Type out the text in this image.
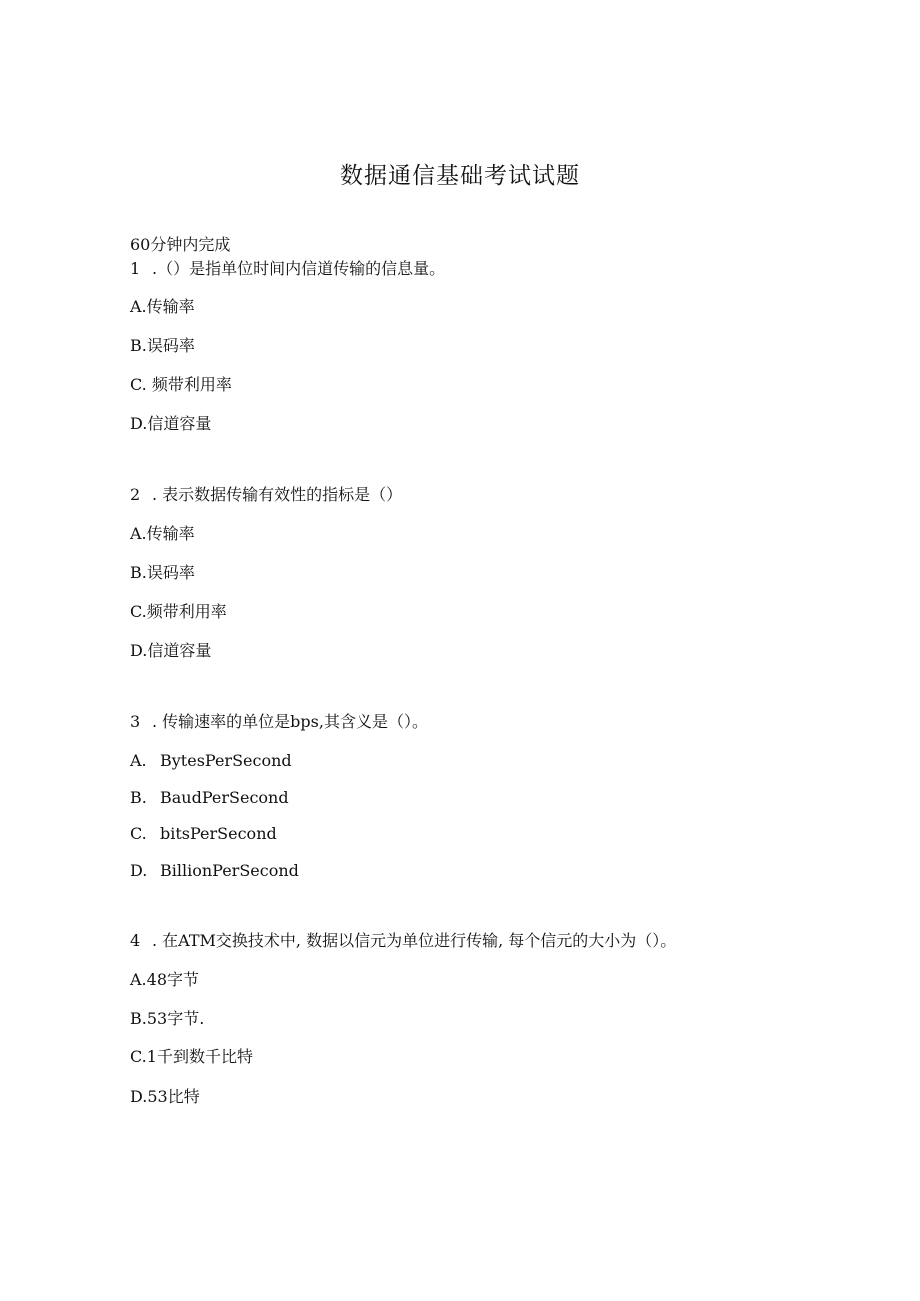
数据通信基础考试试题
60分钟内完成
1 .（）是指单位时间内信道传输的信息量。
A.传输率
B.误码率
C. 频带利用率
D.信道容量
2 . 表示数据传输有效性的指标是（）
A.传输率
B.误码率
C.频带利用率
D.信道容量
3 . 传输速率的单位是bps,其含义是（）。
A. BytesPerSecond
B. BaudPerSecond
C. bitsPerSecond
D. BillionPerSecond
4 . 在ATM交换技术中, 数据以信元为单位进行传输, 每个信元的大小为（）。
A.48字节
B.53字节.
C.1千到数千比特
D.53比特
